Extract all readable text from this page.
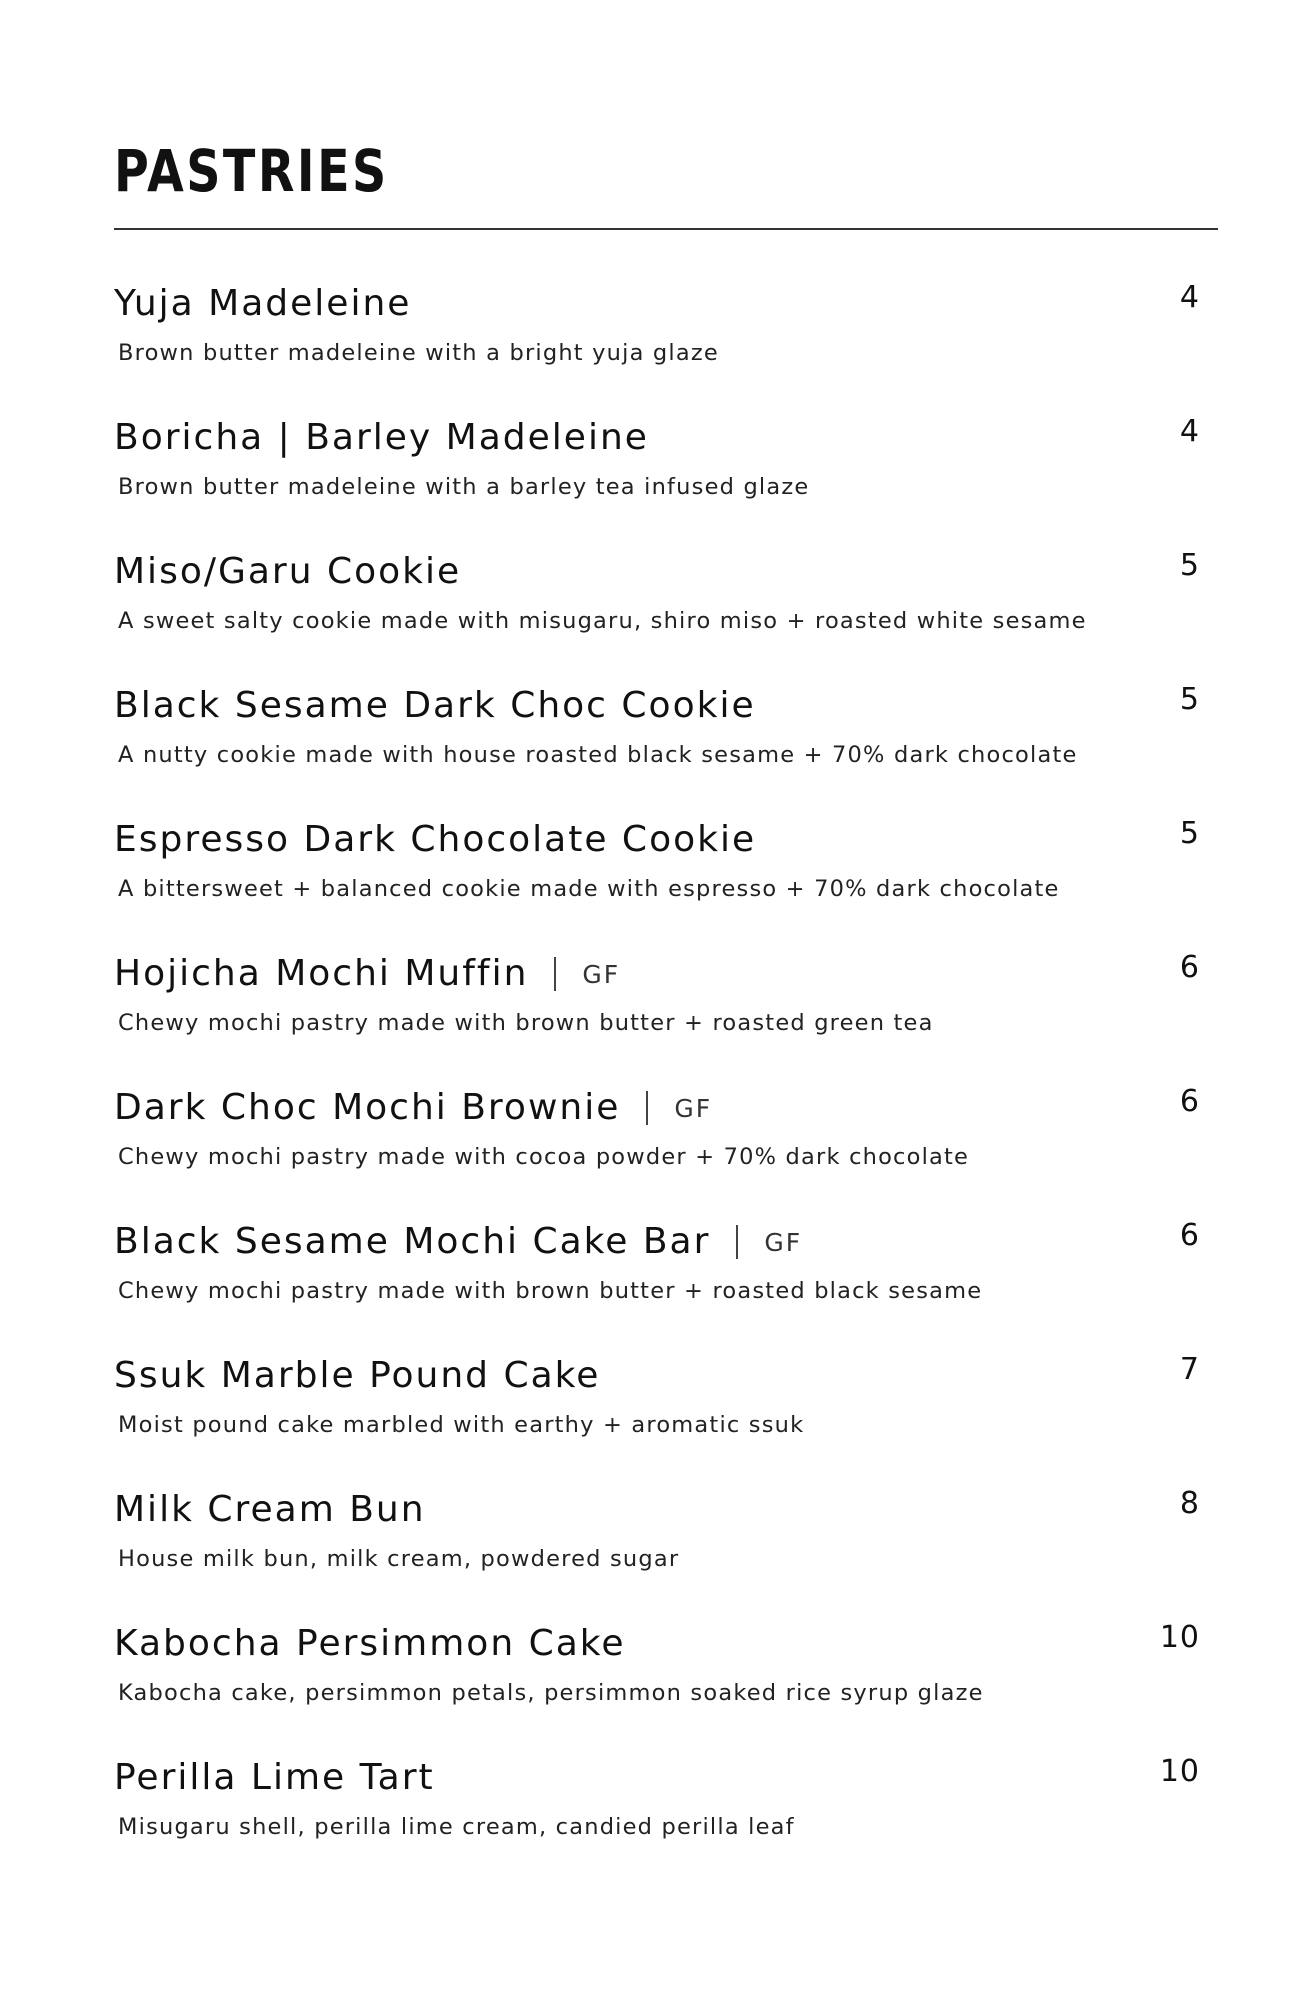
PASTRIES
Yuja Madeleine
Brown butter madeleine with a bright yuja glaze
4
Boricha | Barley Madeleine
Brown butter madeleine with a barley tea infused glaze
4
Miso/Garu Cookie
A sweet salty cookie made with misugaru, shiro miso + roasted white sesame
5
Black Sesame Dark Choc Cookie
A nutty cookie made with house roasted black sesame + 70% dark chocolate
5
Espresso Dark Chocolate Cookie
A bittersweet + balanced cookie made with espresso + 70% dark chocolate
5
Hojicha Mochi Muffin GF
Chewy mochi pastry made with brown butter + roasted green tea
6
Dark Choc Mochi Brownie GF
Chewy mochi pastry made with cocoa powder + 70% dark chocolate
6
Black Sesame Mochi Cake Bar GF
Chewy mochi pastry made with brown butter + roasted black sesame
6
Ssuk Marble Pound Cake
Moist pound cake marbled with earthy + aromatic ssuk
7
Milk Cream Bun
House milk bun, milk cream, powdered sugar
8
Kabocha Persimmon Cake
Kabocha cake, persimmon petals, persimmon soaked rice syrup glaze
10
Perilla Lime Tart
Misugaru shell, perilla lime cream, candied perilla leaf
10
